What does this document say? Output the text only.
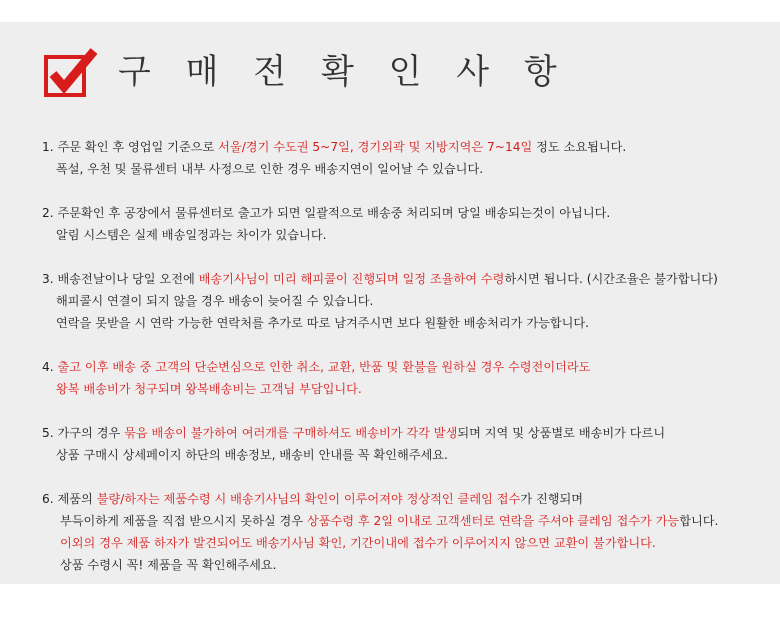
구 매 전 확 인 사 항
1. 주문 확인 후 영업일 기준으로 서울/경기 수도권 5~7일, 경기외곽 및 지방지역은 7~14일 정도 소요됩니다.
폭설, 우천 및 물류센터 내부 사정으로 인한 경우 배송지연이 일어날 수 있습니다.
2. 주문확인 후 공장에서 물류센터로 출고가 되면 일괄적으로 배송중 처리되며 당일 배송되는것이 아닙니다.
알림 시스템은 실제 배송일정과는 차이가 있습니다.
3. 배송전날이나 당일 오전에 배송기사님이 미리 해피콜이 진행되며 일정 조율하여 수령하시면 됩니다. (시간조율은 불가합니다)
해피콜시 연결이 되지 않을 경우 배송이 늦어질 수 있습니다.
연락을 못받을 시 연락 가능한 연락처를 추가로 따로 남겨주시면 보다 원활한 배송처리가 가능합니다.
4. 출고 이후 배송 중 고객의 단순변심으로 인한 취소, 교환, 반품 및 환불을 원하실 경우 수령전이더라도
왕복 배송비가 청구되며 왕복배송비는 고객님 부담입니다.
5. 가구의 경우 묶음 배송이 불가하여 여러개를 구매하셔도 배송비가 각각 발생되며 지역 및 상품별로 배송비가 다르니
상품 구매시 상세페이지 하단의 배송정보, 배송비 안내를 꼭 확인해주세요.
6. 제품의 불량/하자는 제품수령 시 배송기사님의 확인이 이루어져야 정상적인 클레임 접수가 진행되며
부득이하게 제품을 직접 받으시지 못하실 경우 상품수령 후 2일 이내로 고객센터로 연락을 주셔야 클레임 접수가 가능합니다.
이외의 경우 제품 하자가 발견되어도 배송기사님 확인, 기간이내에 접수가 이루어지지 않으면 교환이 불가합니다.
상품 수령시 꼭! 제품을 꼭 확인해주세요.
